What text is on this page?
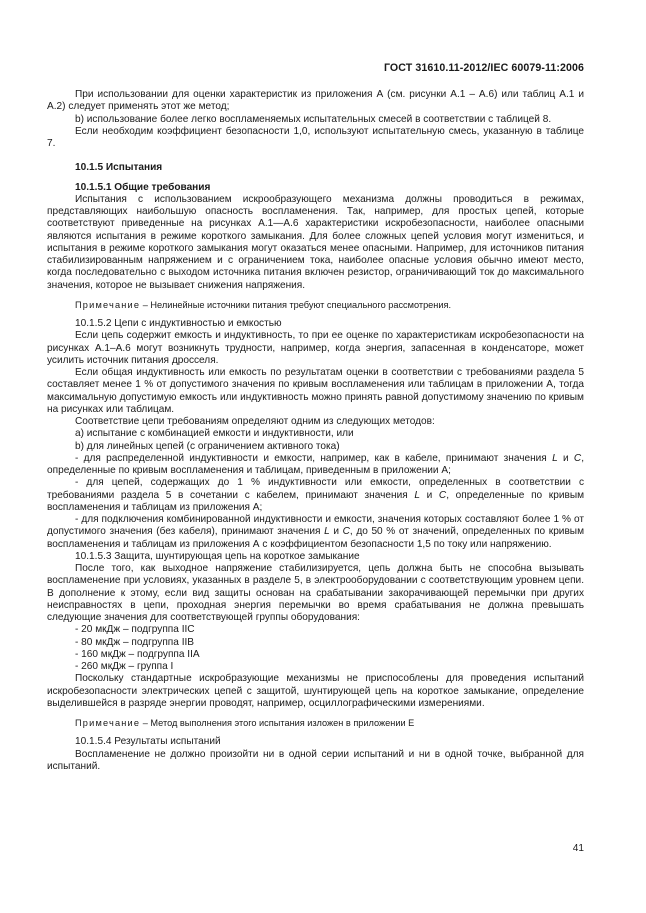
ГОСТ 31610.11-2012/IEC 60079-11:2006

При использовании для оценки характеристик из приложения А (см. рисунки А.1 – А.6) или таблиц А.1 и А.2) следует применять этот же метод;

b) использование более легко воспламеняемых испытательных смесей в соответствии с таблицей 8.

Если необходим коэффициент безопасности 1,0, используют испытательную смесь, указанную в таблице 7.

10.1.5 Испытания

10.1.5.1 Общие требования

Испытания с использованием искрообразующего механизма должны проводиться в режимах, представляющих наибольшую опасность воспламенения. Так, например, для простых цепей, которые соответствуют приведенные на рисунках А.1—А.6 характеристики искробезопасности, наиболее опасными являются испытания в режиме короткого замыкания. Для более сложных цепей условия могут измениться, и испытания в режиме короткого замыкания могут оказаться менее опасными. Например, для источников питания стабилизированным напряжением и с ограничением тока, наиболее опасные условия обычно имеют место, когда последовательно с выходом источника питания включен резистор, ограничивающий ток до максимального значения, которое не вызывает снижения напряжения.

Примечание – Нелинейные источники питания требуют специального рассмотрения.

10.1.5.2 Цепи с индуктивностью и емкостью

Если цепь содержит емкость и индуктивность, то при ее оценке по характеристикам искробезопасности на рисунках А.1–А.6 могут возникнуть трудности, например, когда энергия, запасенная в конденсаторе, может усилить источник питания дросселя.

Если общая индуктивность или емкость по результатам оценки в соответствии с требованиями раздела 5 составляет менее 1 % от допустимого значения по кривым воспламенения или таблицам в приложении А, тогда максимальную допустимую емкость или индуктивность можно принять равной допустимому значению по кривым на рисунках или таблицам.

Соответствие цепи требованиям определяют одним из следующих методов:

а) испытание с комбинацией емкости и индуктивности, или

b) для линейных цепей (с ограничением активного тока)

- для распределенной индуктивности и емкости, например, как в кабеле, принимают значения L и С, определенные по кривым воспламенения и таблицам, приведенным в приложении А;

- для цепей, содержащих до 1 % индуктивности или емкости, определенных в соответствии с требованиями раздела 5 в сочетании с кабелем, принимают значения L и С, определенные по кривым воспламенения и таблицам из приложения А;

- для подключения комбинированной индуктивности и емкости, значения которых составляют более 1 % от допустимого значения (без кабеля), принимают значения L и С, до 50 % от значений, определенных по кривым воспламенения и таблицам из приложения А с коэффициентом безопасности 1,5 по току или напряжению.

10.1.5.3 Защита, шунтирующая цепь на короткое замыкание

После того, как выходное напряжение стабилизируется, цепь должна быть не способна вызывать воспламенение при условиях, указанных в разделе 5, в электрооборудовании с соответствующим уровнем цепи. В дополнение к этому, если вид защиты основан на срабатывании закорачивающей перемычки при других неисправностях в цепи, проходная энергия перемычки во время срабатывания не должна превышать следующие значения для соответствующей группы оборудования:

- 20 мкДж – подгруппа IIС

- 80 мкДж – подгруппа IIВ

- 160 мкДж – подгруппа IIА

- 260 мкДж – группа I

Поскольку стандартные искробразующие механизмы не приспособлены для проведения испытаний искробезопасности электрических цепей с защитой, шунтирующей цепь на короткое замыкание, определение выделившейся в разряде энергии проводят, например, осциллографическими измерениями.

Примечание – Метод выполнения этого испытания изложен в приложении Е

10.1.5.4 Результаты испытаний

Воспламенение не должно произойти ни в одной серии испытаний и ни в одной точке, выбранной для испытаний.

41
